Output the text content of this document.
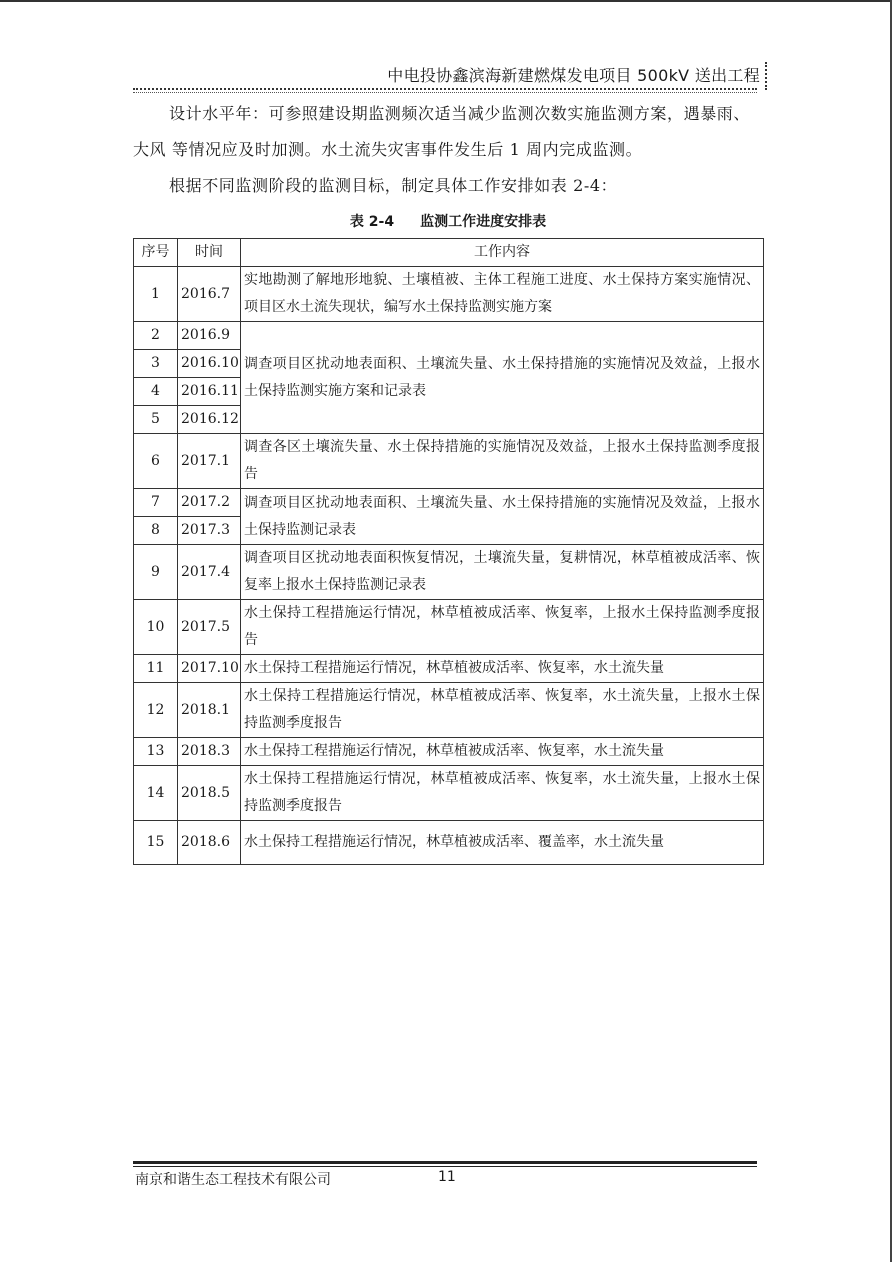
中电投协鑫滨海新建燃煤发电项目 500kV 送出工程

设计水平年：可参照建设期监测频次适当减少监测次数实施监测方案，遇暴雨、大风 等情况应及时加测。水土流失灾害事件发生后 1 周内完成监测。

根据不同监测阶段的监测目标，制定具体工作安排如表 2-4：

表 2-4 监测工作进度安排表
序号	时间	工作内容
1	2016.7	实地勘测了解地形地貌、土壤植被、主体工程施工进度、水土保持方案实施情况、项目区水土流失现状，编写水土保持监测实施方案
2	2016.9	调查项目区扰动地表面积、土壤流失量、水土保持措施的实施情况及效益，上报水土保持监测实施方案和记录表
3	2016.10	
4	2016.11	
5	2016.12	
6	2017.1	调查各区土壤流失量、水土保持措施的实施情况及效益，上报水土保持监测季度报告
7	2017.2	调查项目区扰动地表面积、土壤流失量、水土保持措施的实施情况及效益，上报水土保持监测记录表
8	2017.3	
9	2017.4	调查项目区扰动地表面积恢复情况，土壤流失量，复耕情况，林草植被成活率、恢复率上报水土保持监测记录表
10	2017.5	水土保持工程措施运行情况，林草植被成活率、恢复率，上报水土保持监测季度报告
11	2017.10	水土保持工程措施运行情况，林草植被成活率、恢复率，水土流失量
12	2018.1	水土保持工程措施运行情况，林草植被成活率、恢复率，水土流失量，上报水土保持监测季度报告
13	2018.3	水土保持工程措施运行情况，林草植被成活率、恢复率，水土流失量
14	2018.5	水土保持工程措施运行情况，林草植被成活率、恢复率，水土流失量，上报水土保持监测季度报告
15	2018.6	水土保持工程措施运行情况，林草植被成活率、覆盖率，水土流失量
南京和谐生态工程技术有限公司	11
